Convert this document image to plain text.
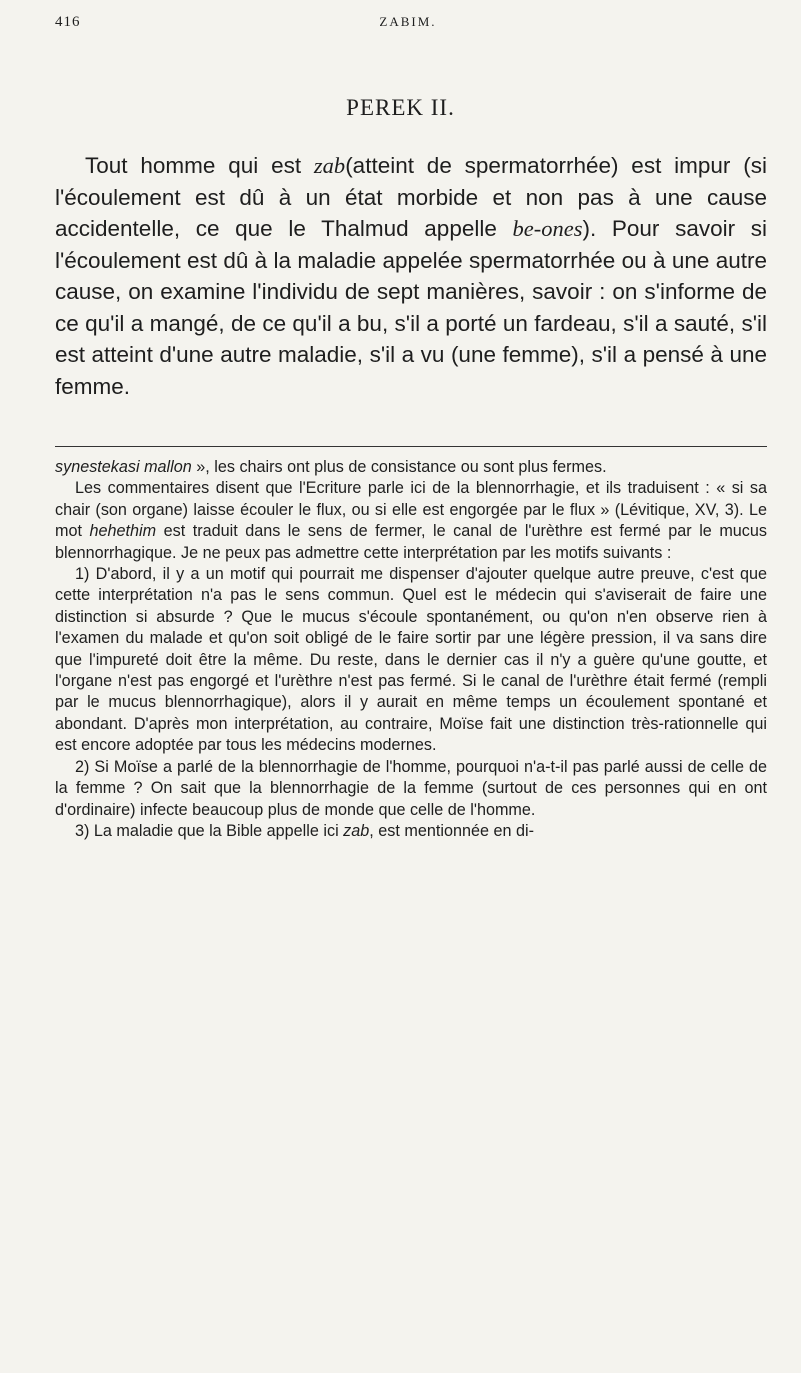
416	ZABIM.
PEREK II.

Tout homme qui est zab(atteint de spermatorrhée) est impur (si l'écoulement est dû à un état morbide et non pas à une cause accidentelle, ce que le Thalmud appelle be-ones). Pour savoir si l'écoulement est dû à la maladie appelée spermatorrhée ou à une autre cause, on examine l'individu de sept manières, savoir : on s'informe de ce qu'il a mangé, de ce qu'il a bu, s'il a porté un fardeau, s'il a sauté, s'il est atteint d'une autre maladie, s'il a vu (une femme), s'il a pensé à une femme.

synestekasi mallon », les chairs ont plus de consistance ou sont plus fermes.

Les commentaires disent que l'Ecriture parle ici de la blennorrhagie, et ils traduisent : « si sa chair (son organe) laisse écouler le flux, ou si elle est engorgée par le flux » (Lévitique, XV, 3). Le mot hehethim est traduit dans le sens de fermer, le canal de l'urèthre est fermé par le mucus blennorrhagique. Je ne peux pas admettre cette interprétation par les motifs suivants :

1) D'abord, il y a un motif qui pourrait me dispenser d'ajouter quelque autre preuve, c'est que cette interprétation n'a pas le sens commun. Quel est le médecin qui s'aviserait de faire une distinction si absurde ? Que le mucus s'écoule spontanément, ou qu'on n'en observe rien à l'examen du malade et qu'on soit obligé de le faire sortir par une légère pression, il va sans dire que l'impureté doit être la même. Du reste, dans le dernier cas il n'y a guère qu'une goutte, et l'organe n'est pas engorgé et l'urèthre n'est pas fermé. Si le canal de l'urèthre était fermé (rempli par le mucus blennorrhagique), alors il y aurait en même temps un écoulement spontané et abondant. D'après mon interprétation, au contraire, Moïse fait une distinction très-rationnelle qui est encore adoptée par tous les médecins modernes.

2) Si Moïse a parlé de la blennorrhagie de l'homme, pourquoi n'a-t-il pas parlé aussi de celle de la femme ? On sait que la blennorrhagie de la femme (surtout de ces personnes qui en ont d'ordinaire) infecte beaucoup plus de monde que celle de l'homme.

3) La maladie que la Bible appelle ici zab, est mentionnée en di-
